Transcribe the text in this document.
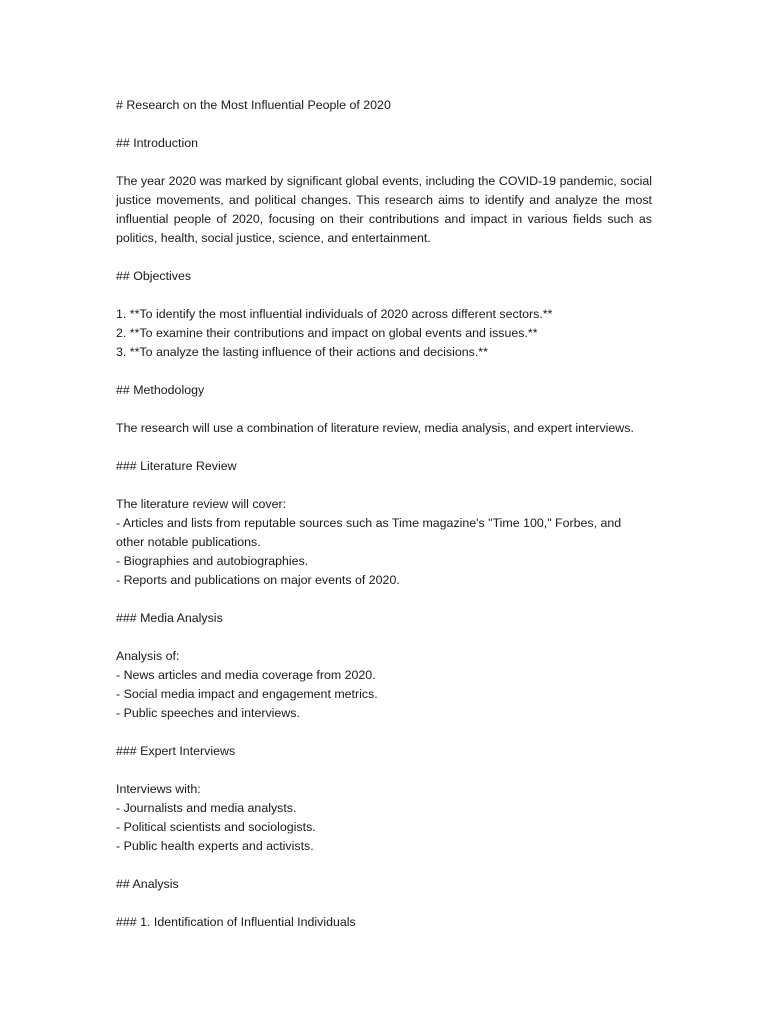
# Research on the Most Influential People of 2020
## Introduction

The year 2020 was marked by significant global events, including the COVID-19 pandemic, social justice movements, and political changes. This research aims to identify and analyze the most influential people of 2020, focusing on their contributions and impact in various fields such as politics, health, social justice, science, and entertainment.

## Objectives
1. **To identify the most influential individuals of 2020 across different sectors.**
2. **To examine their contributions and impact on global events and issues.**
3. **To analyze the lasting influence of their actions and decisions.**
## Methodology
The research will use a combination of literature review, media analysis, and expert interviews.
### Literature Review
The literature review will cover:
- Articles and lists from reputable sources such as Time magazine's "Time 100," Forbes, and other notable publications.
- Biographies and autobiographies.
- Reports and publications on major events of 2020.
### Media Analysis
Analysis of:
- News articles and media coverage from 2020.
- Social media impact and engagement metrics.
- Public speeches and interviews.
### Expert Interviews
Interviews with:
- Journalists and media analysts.
- Political scientists and sociologists.
- Public health experts and activists.
## Analysis
### 1. Identification of Influential Individuals
